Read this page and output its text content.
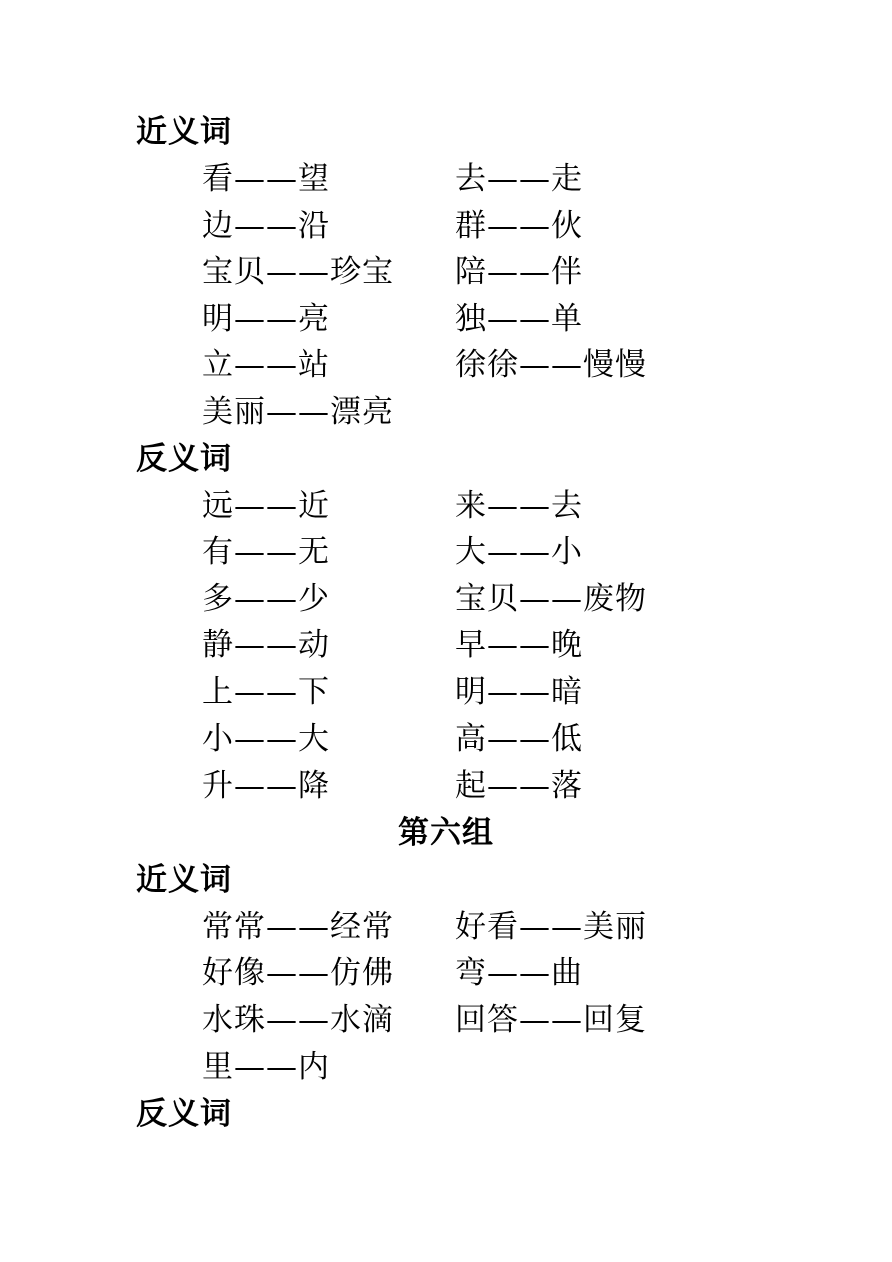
近义词
看——望	去——走
边——沿	群——伙
宝贝——珍宝 陪——伴
明——亮	独——单
立——站	徐徐——慢慢
美丽——漂亮
反义词
远——近	来——去
有——无	大——小
多——少	宝贝——废物
静——动	早——晚
上——下	明——暗
小——大	高——低
升——降	起——落
第六组
近义词
常常——经常 好看——美丽
好像——仿佛 弯——曲
水珠——水滴 回答——回复
里——内
反义词
